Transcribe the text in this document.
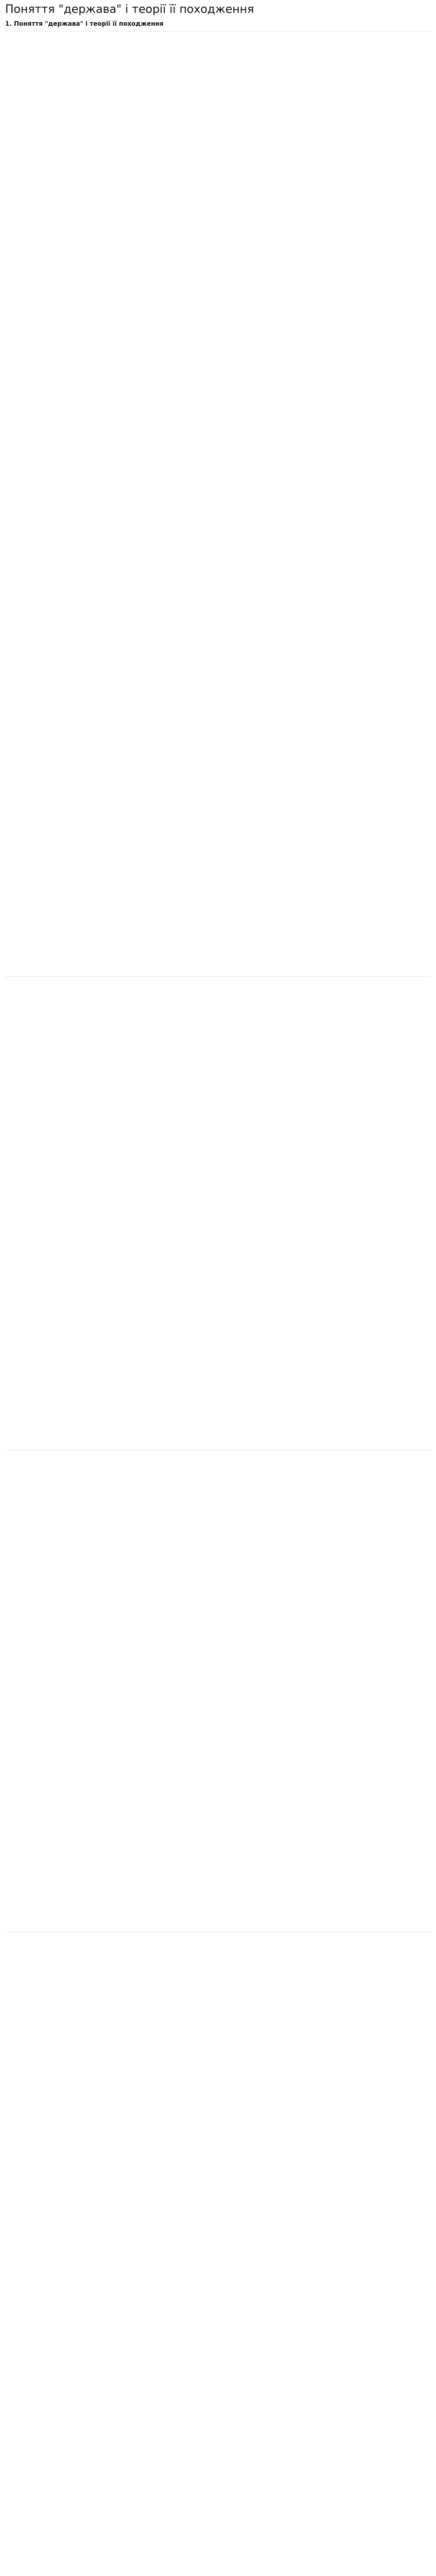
Поняття "держава" і теорії її походження
1. Поняття "держава" і теорії її походження
